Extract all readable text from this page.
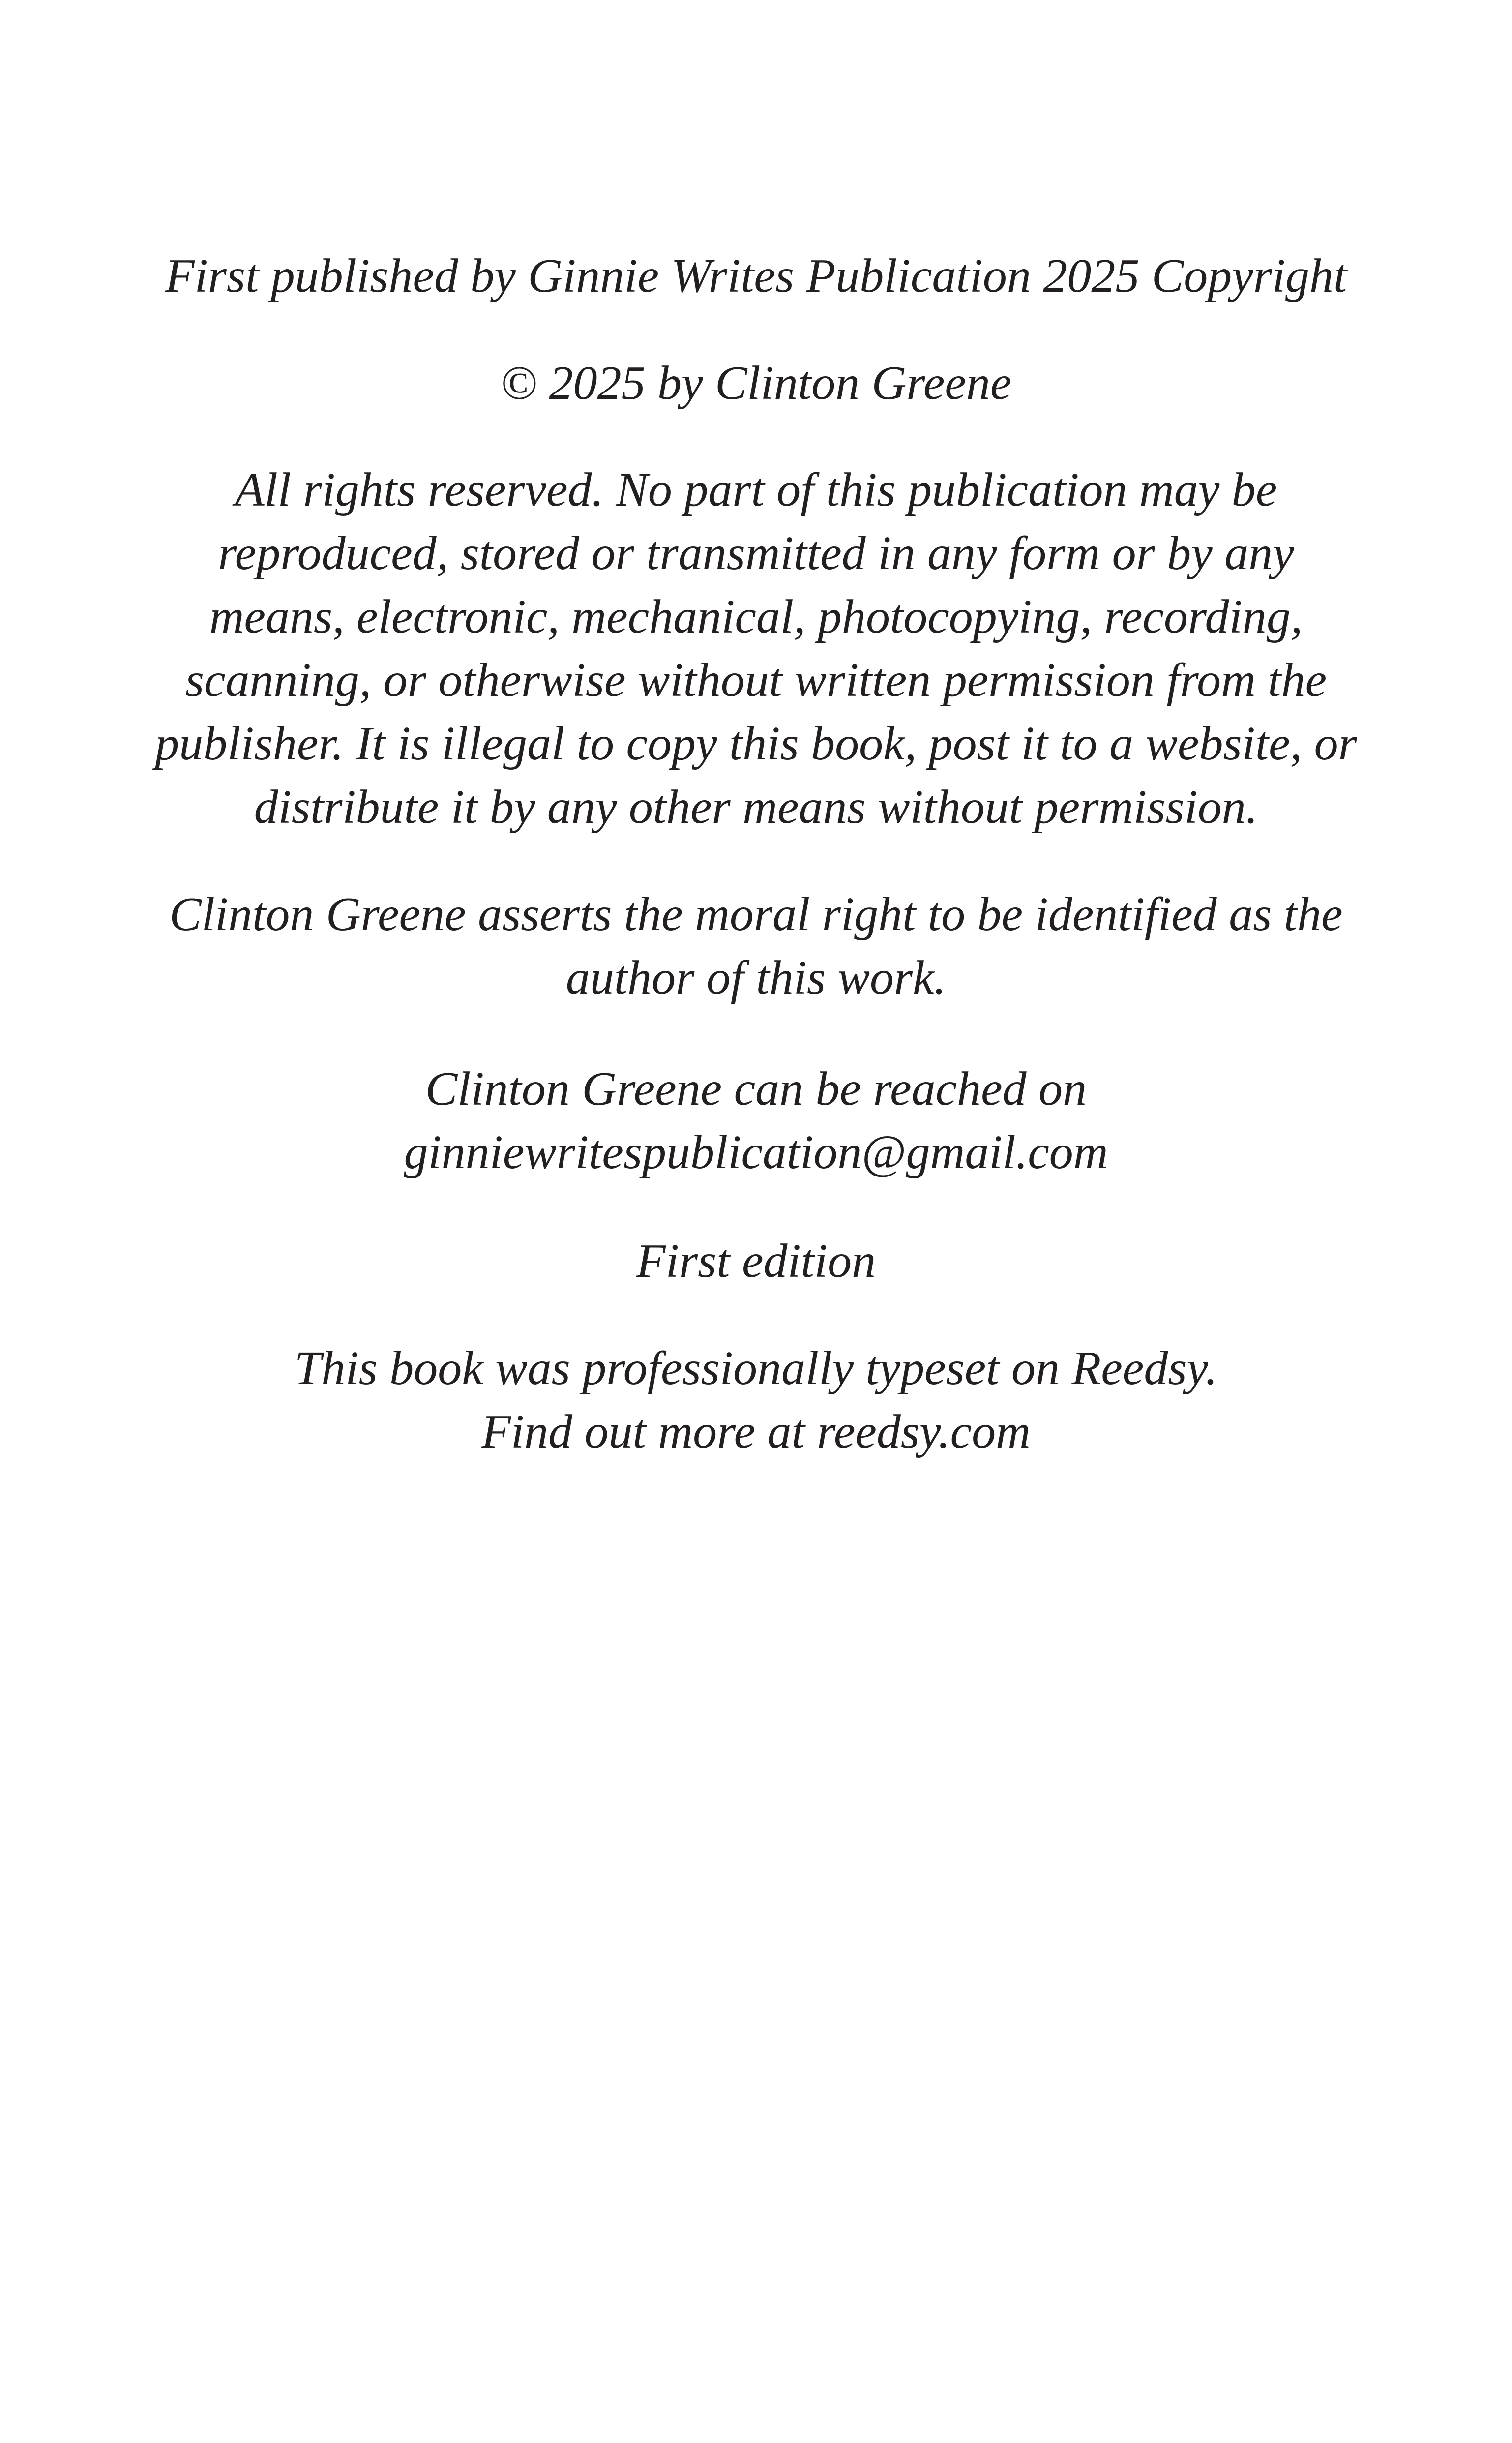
First published by Ginnie Writes Publication 2025 Copyright
© 2025 by Clinton Greene
All rights reserved. No part of this publication may be
reproduced, stored or transmitted in any form or by any
means, electronic, mechanical, photocopying, recording,
scanning, or otherwise without written permission from the
publisher. It is illegal to copy this book, post it to a website, or
distribute it by any other means without permission.
Clinton Greene asserts the moral right to be identified as the
author of this work.
Clinton Greene can be reached on
ginniewritespublication@gmail.com
First edition
This book was professionally typeset on Reedsy.
Find out more at reedsy.com
